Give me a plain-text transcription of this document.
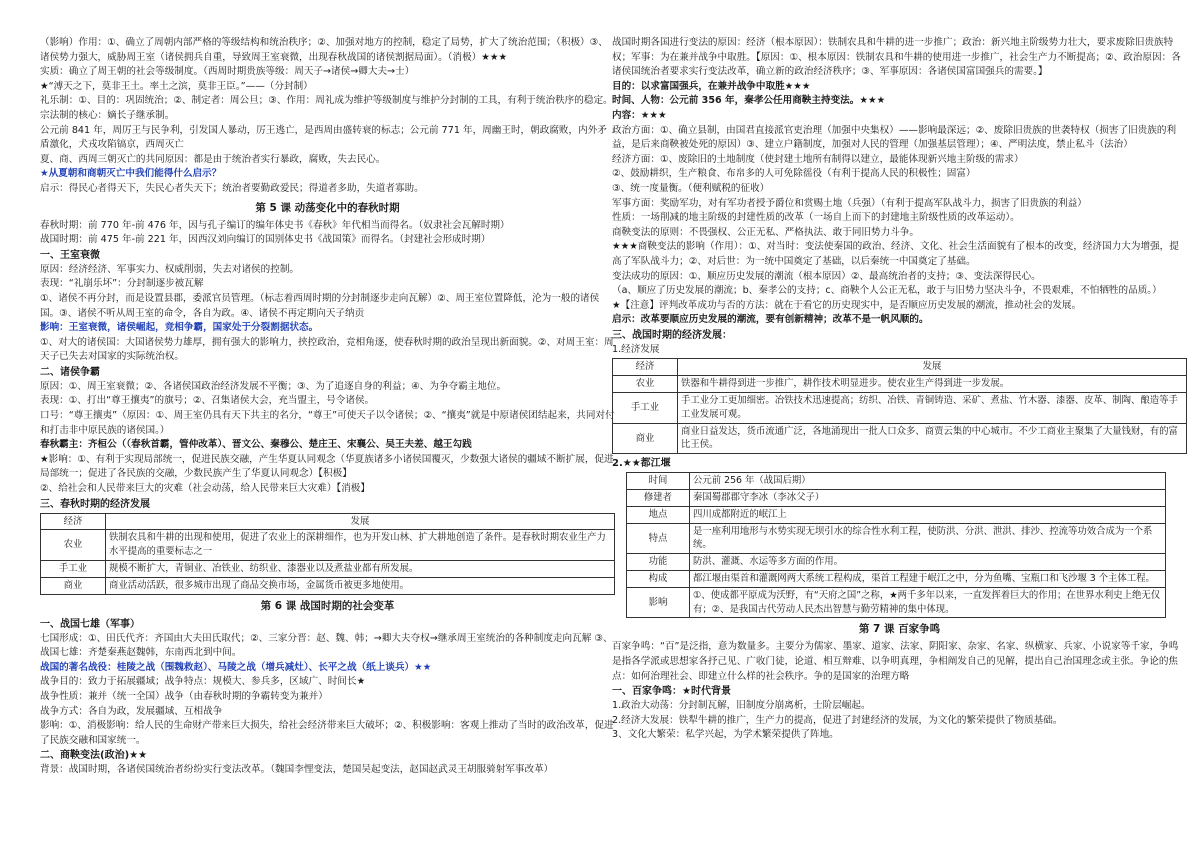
（影响）作用：①、确立了周朝内部严格的等级结构和统治秩序；②、加强对地方的控制，稳定了局势，扩大了统治范围；（积极）③、诸侯势力强大，威胁周王室（诸侯拥兵自重，导致周王室衰微，出现春秋战国的诸侯割据局面）。（消极）★★★

实质：确立了周王朝的社会等级制度。（西周时期贵族等级：周天子→诸侯→卿大夫→士）

★“溥天之下，莫非王土。率土之滨，莫非王臣。”——（分封制）

礼乐制：①、目的：巩固统治；②、制定者：周公旦；③、作用：周礼成为维护等级制度与维护分封制的工具，有利于统治秩序的稳定。

宗法制的核心：嫡长子继承制。

公元前 841 年，周厉王与民争利，引发国人暴动，厉王逃亡，是西周由盛转衰的标志；公元前 771 年，周幽王时，朝政腐败，内外矛盾激化，犬戎攻陷镐京，西周灭亡

夏、商、西周三朝灭亡的共同原因：都是由于统治者实行暴政，腐败，失去民心。

★从夏朝和商朝灭亡中我们能得什么启示？

启示：得民心者得天下，失民心者失天下；统治者要勤政爱民；得道者多助，失道者寡助。

第 5 课 动荡变化中的春秋时期

春秋时期：前 770 年-前 476 年，因与孔子编订的编年体史书《春秋》年代相当而得名。（奴隶社会瓦解时期）

战国时期：前 475 年-前 221 年，因西汉刘向编订的国别体史书《战国策》而得名。（封建社会形成时期）

一、王室衰微

原因：经济经济、军事实力、权威削弱，失去对诸侯的控制。

表现：“礼崩乐坏”：分封制逐步被瓦解

①、诸侯不再分封，而是设置县郡，委派官员管理。（标志着西周时期的分封制逐步走向瓦解）②、周王室位置降低，沦为一般的诸侯国。③、诸侯不听从周王室的命令，各自为政。④、诸侯不再定期向天子纳贡

影响：王室衰微，诸侯崛起，竞相争霸，国家处于分裂割据状态。

①、对大的诸侯国：大国诸侯势力雄厚，拥有强大的影响力，挟控政治，竞相角逐，使春秋时期的政治呈现出新面貌。②、对周王室：周天子已失去对国家的实际统治权。

二、诸侯争霸

原因：①、周王室衰微；②、各诸侯国政治经济发展不平衡；③、为了追逐自身的利益；④、为争夺霸主地位。

表现：①、打出“尊王攘夷”的旗号；②、召集诸侯大会，充当盟主，号令诸侯。

口号：“尊王攘夷”（原因：①、周王室仍具有天下共主的名分，“尊王”可使天子以令诸侯；②、“攘夷”就是中原诸侯团结起来，共同对付和打击非中原民族的诸侯国。）

春秋霸主：齐桓公（（春秋首霸，管仲改革）、晋文公、秦穆公、楚庄王、宋襄公、吴王夫差、越王勾践

★影响：①、有利于实现局部统一，促进民族交融，产生华夏认同观念（华夏族诸多小诸侯国覆灭，少数强大诸侯的疆域不断扩展，促进局部统一；促进了各民族的交融，少数民族产生了华夏认同观念）【积极】

②、给社会和人民带来巨大的灾难（社会动荡，给人民带来巨大灾难）【消极】

三、春秋时期的经济发展
经济	发展
农业	铁制农具和牛耕的出现和使用，促进了农业上的深耕细作，也为开发山林、扩大耕地创造了条件。是春秋时期农业生产力水平提高的重要标志之一
手工业	规模不断扩大，青铜业、冶铁业、纺织业、漆器业以及煮盐业都有所发展。
商业	商业活动活跃，很多城市出现了商品交换市场，金属货币被更多地使用。
第 6 课 战国时期的社会变革
一、战国七雄（军事）

七国形成：①、田氏代齐：齐国由大夫田氏取代；②、三家分晋：赵、魏、韩；→卿大夫夺权→继承周王室统治的各种制度走向瓦解 ③、战国七雄：齐楚秦燕赵魏韩，东南西北到中间。

战国的著名战役：桂陵之战（围魏救赵）、马陵之战（增兵减灶）、长平之战（纸上谈兵）★★

战争目的：致力于拓展疆域；战争特点：规模大、参兵多，区域广、时间长★

战争性质：兼并（统一全国）战争（由春秋时期的争霸转变为兼并）

战争方式：各自为政，发展疆域、互相战争

影响：①、消极影响：给人民的生命财产带来巨大损失，给社会经济带来巨大破坏；②、积极影响：客观上推动了当时的政治改革，促进了民族交融和国家统一。

二、商鞅变法(政治)★★

背景：战国时期，各诸侯国统治者纷纷实行变法改革。（魏国李悝变法，楚国吴起变法，赵国赵武灵王胡服骑射军事改革）

战国时期各国进行变法的原因：经济（根本原因）：铁制农具和牛耕的进一步推广；政治：新兴地主阶级势力壮大，要求废除旧贵族特权；军事：为在兼并战争中取胜。【原因：①、根本原因：铁制农具和牛耕的使用进一步推广，社会生产力不断提高；②、政治原因：各诸侯国统治者要求实行变法改革，确立新的政治经济秩序；③、军事原因：各诸侯国富国强兵的需要。】

目的：以求富国强兵，在兼并战争中取胜★★★

时间、人物：公元前 356 年，秦孝公任用商鞅主持变法。★★★

内容：★★★

政治方面：①、确立县制，由国君直接派官吏治理（加强中央集权）——影响最深远；②、废除旧贵族的世袭特权（损害了旧贵族的利益，是后来商鞅被处死的原因）③、建立户籍制度，加强对人民的管理（加强基层管理）；④、严明法度，禁止私斗（法治）

经济方面：①、废除旧的土地制度（使封建土地所有制得以建立，最能体现新兴地主阶级的需求）

②、鼓励耕织，生产粮食、布帛多的人可免除徭役（有利于提高人民的积极性；固富）

③、统一度量衡。（便利赋税的征收）

军事方面：奖励军功，对有军功者授予爵位和赏赐土地（兵强）（有利于提高军队战斗力，损害了旧贵族的利益）

性质：一场削减的地主阶级的封建性质的改革（一场自上而下的封建地主阶级性质的改革运动）。

商鞅变法的原则：不畏强权、公正无私、严格执法、敢于同旧势力斗争。

★★★商鞅变法的影响（作用）：①、对当时：变法使秦国的政治、经济、文化、社会生活面貌有了根本的改变，经济国力大为增强，提高了军队战斗力；②、对后世：为一统中国奠定了基础，以后秦统一中国奠定了基础。

变法成功的原因：①、顺应历史发展的潮流（根本原因）②、最高统治者的支持；③、变法深得民心。

（a、顺应了历史发展的潮流；b、秦孝公的支持；c、商鞅个人公正无私，敢于与旧势力坚决斗争，不畏艰难，不怕牺牲的品质。）

★【注意】评判改革成功与否的方法：就在于看它的历史现实中，是否顺应历史发展的潮流，推动社会的发展。

启示：改革要顺应历史发展的潮流，要有创新精神；改革不是一帆风顺的。

三、战国时期的经济发展：

1.经济发展

经济	发展
农业	铁器和牛耕得到进一步推广，耕作技术明显进步。使农业生产得到进一步发展。
手工业	手工业分工更加细密。冶铁技术迅速提高；纺织、冶铁、青铜铸造、采矿、煮盐、竹木器、漆器、皮革、制陶、酿造等手工业发展可观。
商业	商业日益发达，货币流通广泛，各地涌现出一批人口众多、商贾云集的中心城市。不少工商业主聚集了大量钱财，有的富比王侯。
2.★★都江堰
时间	公元前 256 年（战国后期）
修建者	秦国蜀郡郡守李冰（李冰父子）
地点	四川成都附近的岷江上
特点	是一座利用地形与水势实现无坝引水的综合性水利工程，使防洪、分洪、泄洪、排沙、控流等功效合成为一个系统。
功能	防洪、灌溉、水运等多方面的作用。
构成	都江堰由渠首和灌溉网两大系统工程构成，渠首工程建于岷江之中，分为鱼嘴、宝瓶口和飞沙堰 3 个主体工程。
影响	①、使成都平原成为沃野，有“天府之国”之称，★两千多年以来，一直发挥着巨大的作用；在世界水利史上绝无仅有；②、是我国古代劳动人民杰出智慧与勤劳精神的集中体现。
第 7 课 百家争鸣

百家争鸣：“百”是泛指，意为数量多。主要分为儒家、墨家、道家、法家、阴阳家、杂家、名家、纵横家、兵家、小说家等千家，争鸣是指各学派或思想家各抒己见、广收门徒，论道、相互辩难、以争明真理，争相阐发自己的见解，提出自己治国理念或主张。争论的焦点：如何治理社会、即建立什么样的社会秩序。争的是国家的治理方略

一、百家争鸣：★时代背景

1.政治大动荡：分封制瓦解，旧制度分崩离析，士阶层崛起。

2.经济大发展：铁犁牛耕的推广，生产力的提高，促进了封建经济的发展，为文化的繁荣提供了物质基础。

3、文化大繁荣：私学兴起，为学术繁荣提供了阵地。
